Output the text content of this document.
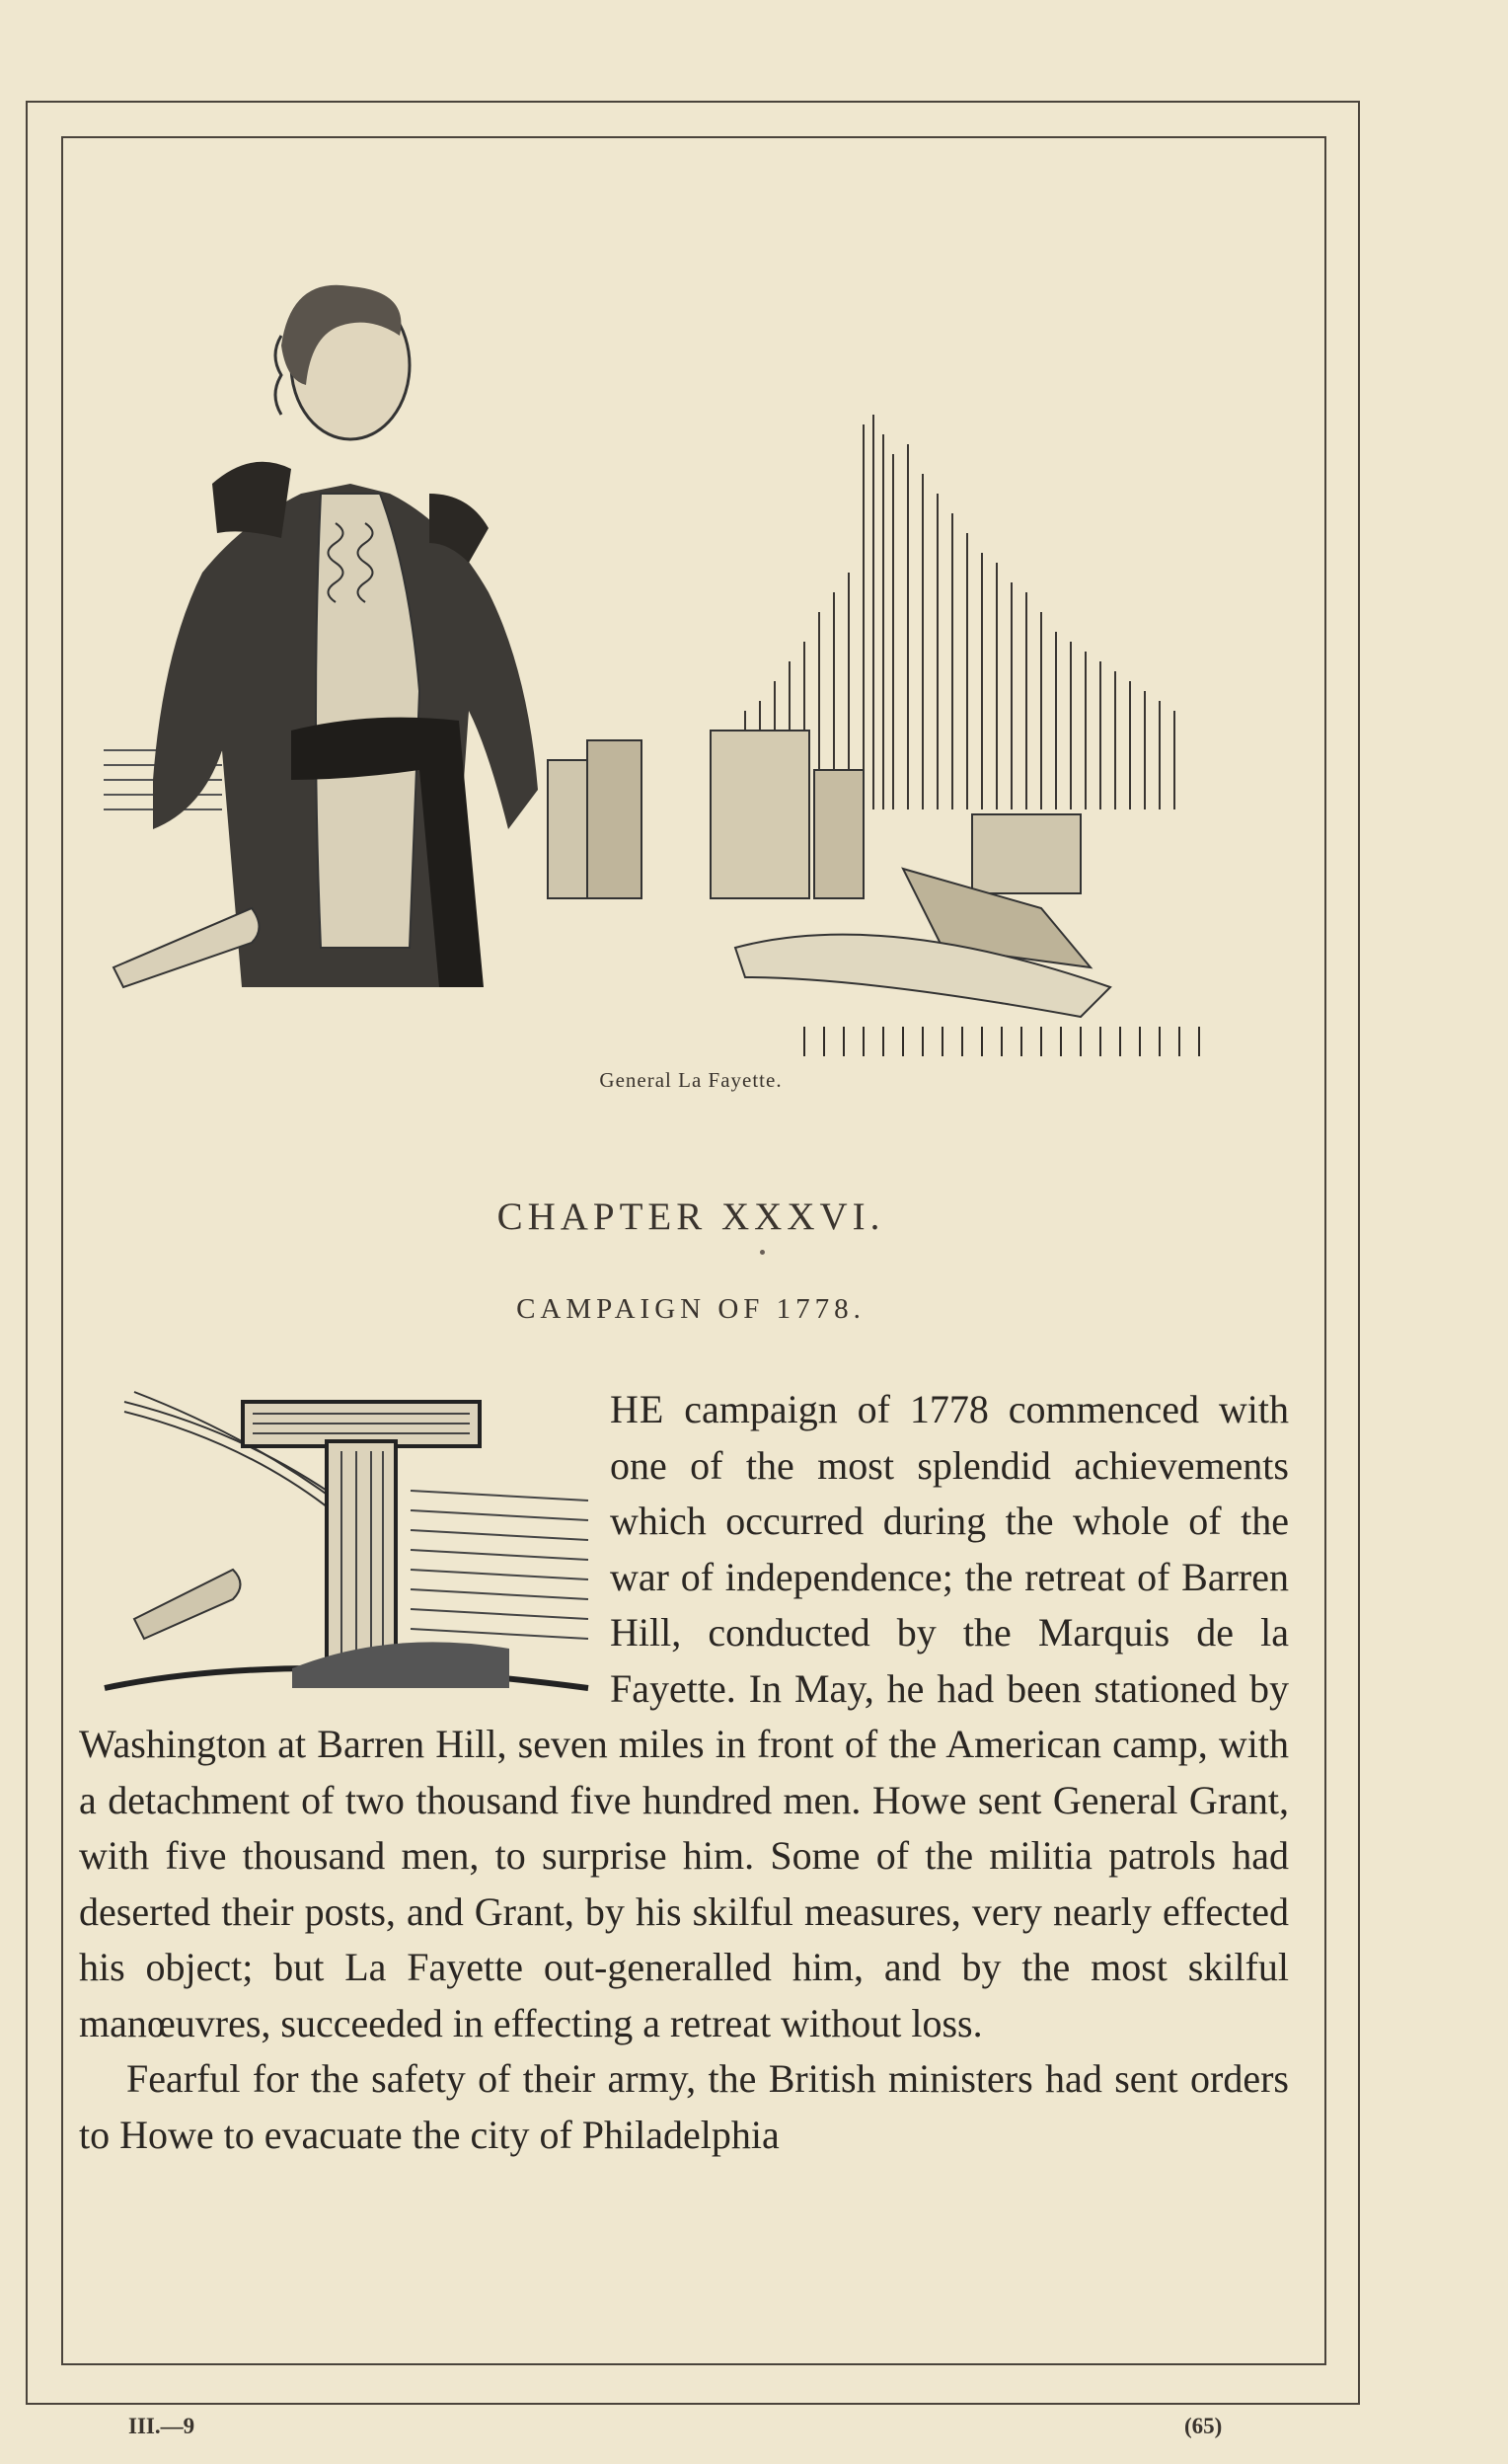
General La Fayette.
CHAPTER XXXVI.
CAMPAIGN OF 1778.

HE campaign of 1778 commenced with one of the most splendid achievements which occurred during the whole of the war of independence; the retreat of Barren Hill, conducted by the Marquis de la Fayette. In May, he had been stationed by Washington at Barren Hill, seven miles in front of the American camp, with a detachment of two thousand five hundred men. Howe sent General Grant, with five thousand men, to surprise him. Some of the militia patrols had deserted their posts, and Grant, by his skilful measures, very nearly effected his object; but La Fayette out-generalled him, and by the most skilful manœuvres, succeeded in effecting a retreat without loss.

Fearful for the safety of their army, the British ministers had sent orders to Howe to evacuate the city of Philadelphia

III.—9	(65)
